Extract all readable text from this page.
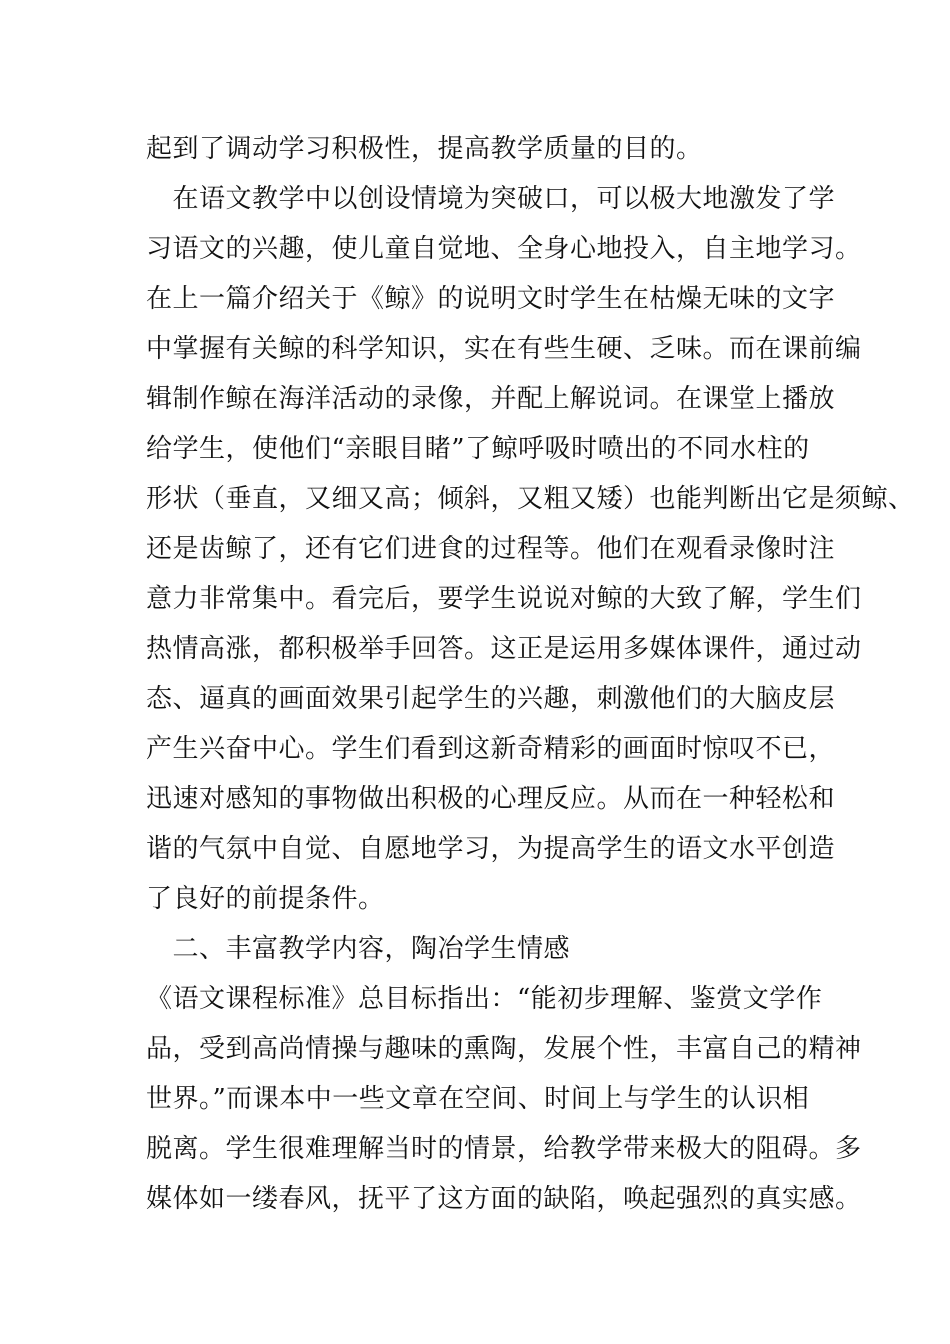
起到了调动学习积极性，提高教学质量的目的。
　在语文教学中以创设情境为突破口，可以极大地激发了学
习语文的兴趣，使儿童自觉地、全身心地投入，自主地学习。
在上一篇介绍关于《鲸》的说明文时学生在枯燥无味的文字
中掌握有关鲸的科学知识，实在有些生硬、乏味。而在课前编
辑制作鲸在海洋活动的录像，并配上解说词。在课堂上播放
给学生，使他们“亲眼目睹”了鲸呼吸时喷出的不同水柱的
形状（垂直，又细又高；倾斜，又粗又矮）也能判断出它是须鲸、
还是齿鲸了，还有它们进食的过程等。他们在观看录像时注
意力非常集中。看完后，要学生说说对鲸的大致了解，学生们
热情高涨，都积极举手回答。这正是运用多媒体课件，通过动
态、逼真的画面效果引起学生的兴趣，刺激他们的大脑皮层
产生兴奋中心。学生们看到这新奇精彩的画面时惊叹不已，
迅速对感知的事物做出积极的心理反应。从而在一种轻松和
谐的气氛中自觉、自愿地学习，为提高学生的语文水平创造
了良好的前提条件。
　二、丰富教学内容，陶冶学生情感
《语文课程标准》总目标指出：“能初步理解、鉴赏文学作
品，受到高尚情操与趣味的熏陶，发展个性，丰富自己的精神
世界。”而课本中一些文章在空间、时间上与学生的认识相
脱离。学生很难理解当时的情景，给教学带来极大的阻碍。多
媒体如一缕春风，抚平了这方面的缺陷，唤起强烈的真实感。
